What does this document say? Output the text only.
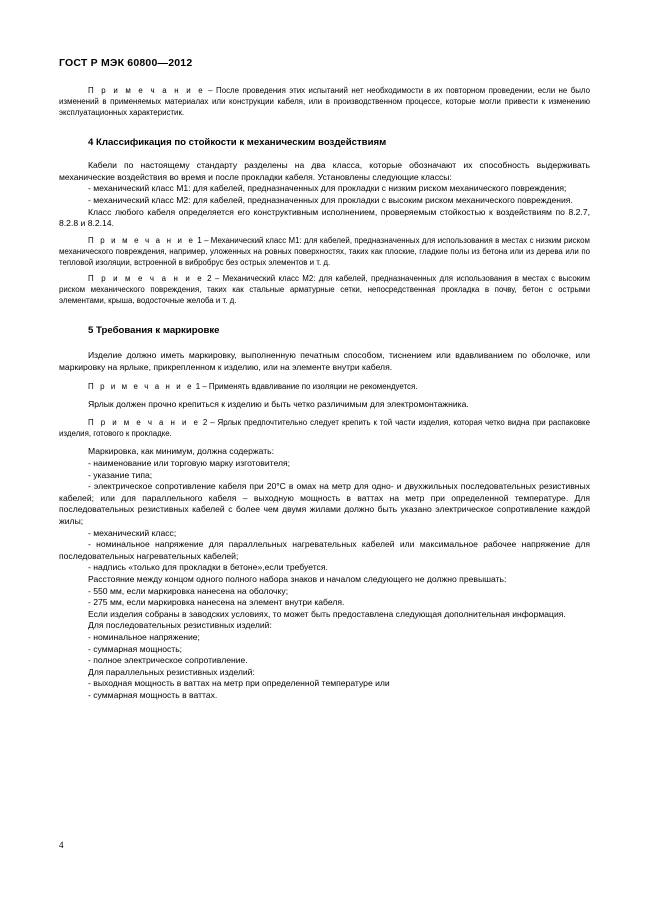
ГОСТ Р МЭК 60800—2012

П р и м е ч а н и е – После проведения этих испытаний нет необходимости в их повторном проведении, если не было изменений в применяемых материалах или конструкции кабеля, или в производственном процессе, которые могли привести к изменению эксплуатационных характеристик.

4 Классификация по стойкости к механическим воздействиям

Кабели по настоящему стандарту разделены на два класса, которые обозначают их способность выдерживать механические воздействия во время и после прокладки кабеля. Установлены следующие классы:

- механический класс М1: для кабелей, предназначенных для прокладки с низким риском механического повреждения;

- механический класс М2: для кабелей, предназначенных для прокладки с высоким риском механического повреждения.

Класс любого кабеля определяется его конструктивным исполнением, проверяемым стойкостью к воздействиям по 8.2.7, 8.2.8 и 8.2.14.

П р и м е ч а н и е 1 – Механический класс М1: для кабелей, предназначенных для использования в местах с низким риском механического повреждения, например, уложенных на ровных поверхностях, таких как плоские, гладкие полы из бетона или из дерева или по тепловой изоляции, встроенной в вибробрус без острых элементов и т. д.

П р и м е ч а н и е 2 – Механический класс М2: для кабелей, предназначенных для использования в местах с высоким риском механического повреждения, таких как стальные арматурные сетки, непосредственная прокладка в почву, бетон с острыми элементами, крыша, водосточные желоба и т. д.

5 Требования к маркировке

Изделие должно иметь маркировку, выполненную печатным способом, тиснением или вдавливанием по оболочке, или маркировку на ярлыке, прикрепленном к изделию, или на элементе внутри кабеля.

П р и м е ч а н и е 1 – Применять вдавливание по изоляции не рекомендуется.

Ярлык должен прочно крепиться к изделию и быть четко различимым для электромонтажника.

П р и м е ч а н и е 2 – Ярлык предпочтительно следует крепить к той части изделия, которая четко видна при распаковке изделия, готового к прокладке.

Маркировка, как минимум, должна содержать:

- наименование или торговую марку изготовителя;

- указание типа;

- электрическое сопротивление кабеля при 20°С в омах на метр для одно- и двухжильных последовательных резистивных кабелей; или для параллельного кабеля – выходную мощность в ваттах на метр при определенной температуре. Для последовательных резистивных кабелей с более чем двумя жилами должно быть указано электрическое сопротивление каждой жилы;

- механический класс;

- номинальное напряжение для параллельных нагревательных кабелей или максимальное рабочее напряжение для последовательных нагревательных кабелей;

- надпись «только для прокладки в бетоне»,если требуется.

Расстояние между концом одного полного набора знаков и началом следующего не должно превышать:

- 550 мм, если маркировка нанесена на оболочку;

- 275 мм, если маркировка нанесена на элемент внутри кабеля.

Если изделия собраны в заводских условиях, то может быть предоставлена следующая дополнительная информация.

Для последовательных резистивных изделий:

- номинальное напряжение;

- суммарная мощность;

- полное электрическое сопротивление.

Для параллельных резистивных изделий:

- выходная мощность в ваттах на метр при определенной температуре или

- суммарная мощность в ваттах.

4
